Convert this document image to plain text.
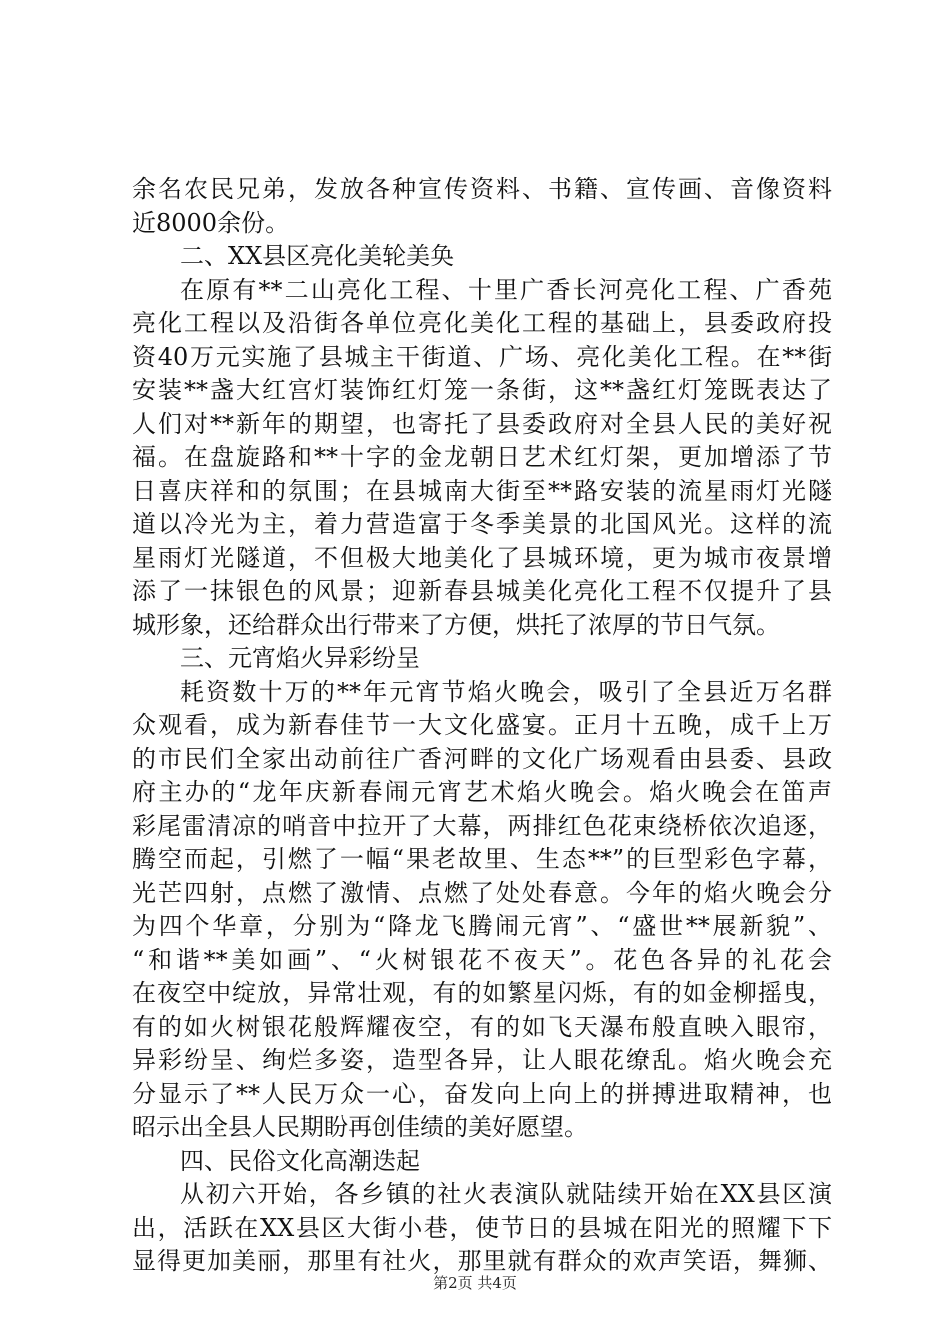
余名农民兄弟，发放各种宣传资料、书籍、宣传画、音像资料
近8000余份。
二、XX县区亮化美轮美奂
在原有**二山亮化工程、十里广香长河亮化工程、广香苑
亮化工程以及沿街各单位亮化美化工程的基础上，县委政府投
资40万元实施了县城主干街道、广场、亮化美化工程。在**街
安装**盏大红宫灯装饰红灯笼一条街，这**盏红灯笼既表达了
人们对**新年的期望，也寄托了县委政府对全县人民的美好祝
福。在盘旋路和**十字的金龙朝日艺术红灯架，更加增添了节
日喜庆祥和的氛围；在县城南大街至**路安装的流星雨灯光隧
道以冷光为主，着力营造富于冬季美景的北国风光。这样的流
星雨灯光隧道，不但极大地美化了县城环境，更为城市夜景增
添了一抹银色的风景；迎新春县城美化亮化工程不仅提升了县
城形象，还给群众出行带来了方便，烘托了浓厚的节日气氛。
三、元宵焰火异彩纷呈
耗资数十万的**年元宵节焰火晚会，吸引了全县近万名群
众观看，成为新春佳节一大文化盛宴。正月十五晚，成千上万
的市民们全家出动前往广香河畔的文化广场观看由县委、县政
府主办的“龙年庆新春闹元宵艺术焰火晚会。焰火晚会在笛声
彩尾雷清凉的哨音中拉开了大幕，两排红色花束绕桥依次追逐，
腾空而起，引燃了一幅“果老故里、生态**”的巨型彩色字幕，
光芒四射，点燃了激情、点燃了处处春意。今年的焰火晚会分
为四个华章，分别为“降龙飞腾闹元宵”、“盛世**展新貌”、
“和谐**美如画”、“火树银花不夜天”。花色各异的礼花会
在夜空中绽放，异常壮观，有的如繁星闪烁，有的如金柳摇曳，
有的如火树银花般辉耀夜空，有的如飞天瀑布般直映入眼帘，
异彩纷呈、绚烂多姿，造型各异，让人眼花缭乱。焰火晚会充
分显示了**人民万众一心，奋发向上向上的拼搏进取精神，也
昭示出全县人民期盼再创佳绩的美好愿望。
四、民俗文化高潮迭起
从初六开始，各乡镇的社火表演队就陆续开始在XX县区演
出，活跃在XX县区大街小巷，使节日的县城在阳光的照耀下下
显得更加美丽，那里有社火，那里就有群众的欢声笑语，舞狮、
第2页 共4页
